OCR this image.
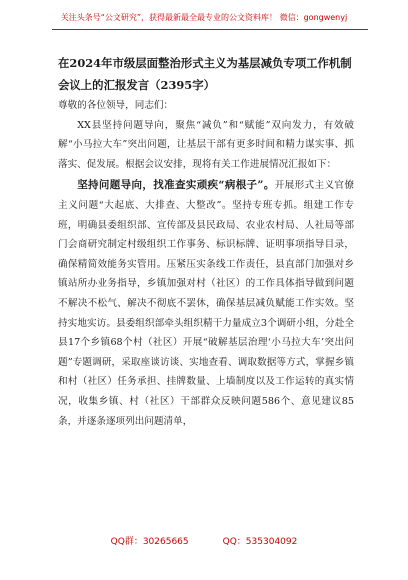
关注头条号“公文研究”，获得最新最全最专业的公文资料库！ 微信：gongwenyj
在2024年市级层面整治形式主义为基层减负专项工作机制会议上的汇报发言（2395字）

尊敬的各位领导，同志们：

XX县坚持问题导向，聚焦“减负”和“赋能”双向发力，有效破解“小马拉大车”突出问题，让基层干部有更多时间和精力谋实事、抓落实、促发展。根据会议安排，现将有关工作进展情况汇报如下：

坚持问题导向，找准查实顽疾“病根子”。开展形式主义官僚主义问题“大起底、大排查、大整改”。坚持专班专抓。组建工作专班，明确县委组织部、宣传部及县民政局、农业农村局、人社局等部门会商研究制定村级组织工作事务、标识标牌、证明事项指导目录，确保精简效能务实管用。压紧压实条线工作责任，县直部门加强对乡镇站所办业务指导，乡镇加强对村（社区）的工作具体指导做到问题不解决不松气、解决不彻底不罢休，确保基层减负赋能工作实效。坚持实地实访。县委组织部牵头组织精干力量成立3个调研小组，分赴全县17个乡镇68个村（社区）开展“破解基层治理‘小马拉大车’突出问题”专题调研，采取座谈访谈、实地查看、调取数据等方式，掌握乡镇和村（社区）任务承担、挂牌数量、上墙制度以及工作运转的真实情况，收集乡镇、村（社区）干部群众反映问题586个、意见建议85条，并逐条逐项列出问题清单，

QQ群：30265665	QQ：535304092
